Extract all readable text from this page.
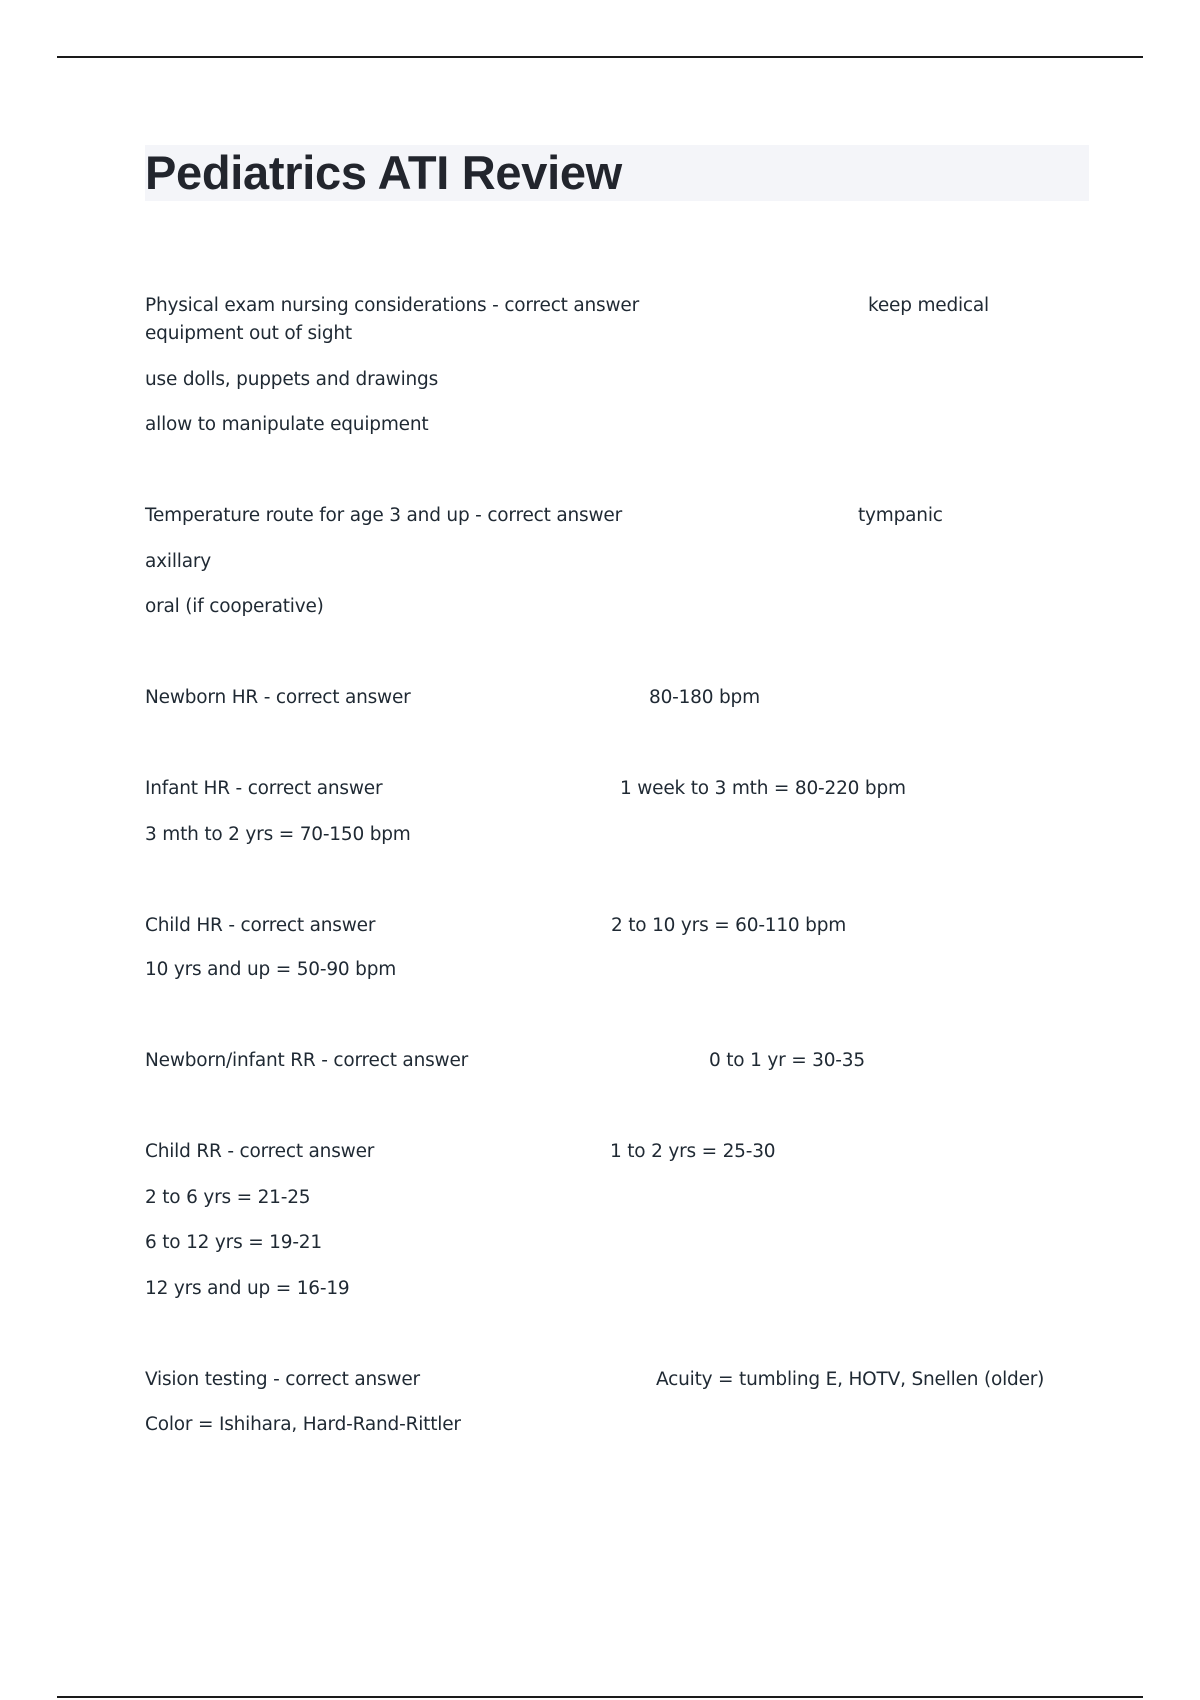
Pediatrics ATI Review
Physical exam nursing considerations - correct answer	keep medical
equipment out of sight
use dolls, puppets and drawings
allow to manipulate equipment
Temperature route for age 3 and up - correct answer	tympanic
axillary
oral (if cooperative)
Newborn HR - correct answer	80-180 bpm
Infant HR - correct answer	1 week to 3 mth = 80-220 bpm
3 mth to 2 yrs = 70-150 bpm
Child HR - correct answer	2 to 10 yrs = 60-110 bpm
10 yrs and up = 50-90 bpm
Newborn/infant RR - correct answer	0 to 1 yr = 30-35
Child RR - correct answer	1 to 2 yrs = 25-30
2 to 6 yrs = 21-25
6 to 12 yrs = 19-21
12 yrs and up = 16-19
Vision testing - correct answer	Acuity = tumbling E, HOTV, Snellen (older)
Color = Ishihara, Hard-Rand-Rittler
